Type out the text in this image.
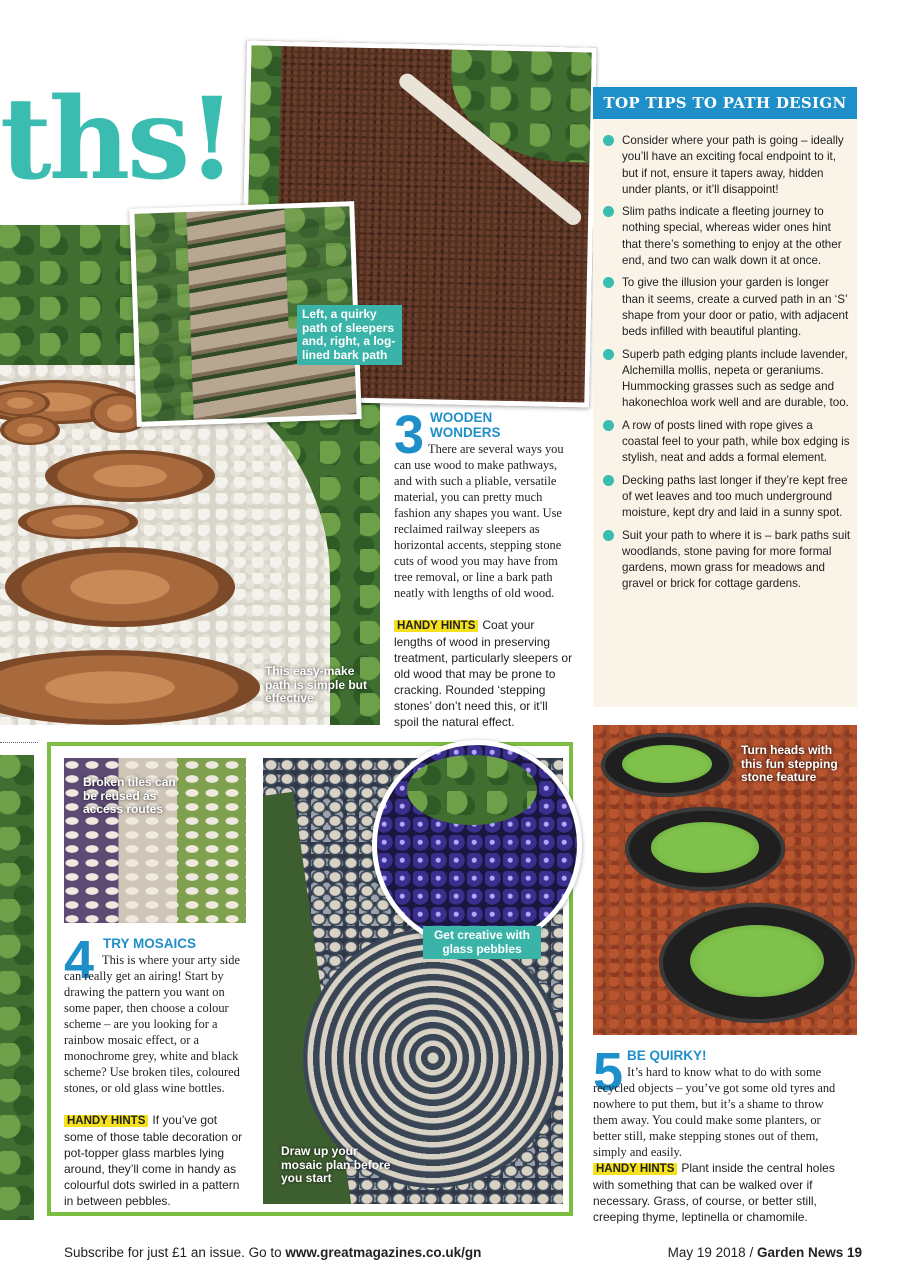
This easy-make path is simple but effective
ths!
Left, a quirky path of sleepers and, right, a log-lined bark path
3 WOODEN
WONDERS
There are several ways you can use wood to make pathways, and with such a pliable, versatile material, you can pretty much fashion any shapes you want. Use reclaimed railway sleepers as horizontal accents, stepping stone cuts of wood you may have from tree removal, or line a bark path neatly with lengths of old wood.
HANDY HINTS Coat your lengths of wood in preserving treatment, particularly sleepers or old wood that may be prone to cracking. Rounded ‘stepping stones’ don’t need this, or it’ll spoil the natural effect.
TOP TIPS TO PATH DESIGN
Consider where your path is going – ideally you’ll have an exciting focal endpoint to it, but if not, ensure it tapers away, hidden under plants, or it’ll disappoint!
Slim paths indicate a fleeting journey to nothing special, whereas wider ones hint that there’s something to enjoy at the other end, and two can walk down it at once.
To give the illusion your garden is longer than it seems, create a curved path in an ‘S’ shape from your door or patio, with adjacent beds infilled with beautiful planting.
Superb path edging plants include lavender, Alchemilla mollis, nepeta or geraniums. Hummocking grasses such as sedge and hakonechloa work well and are durable, too.
A row of posts lined with rope gives a coastal feel to your path, while box edging is stylish, neat and adds a formal element.
Decking paths last longer if they’re kept free of wet leaves and too much underground moisture, kept dry and laid in a sunny spot.
Suit your path to where it is – bark paths suit woodlands, stone paving for more formal gardens, mown grass for meadows and gravel or brick for cottage gardens.
Broken tiles can be reused as access routes
Draw up your mosaic plan before you start
Get creative with glass pebbles
4 TRY MOSAICS
This is where your arty side can really get an airing! Start by drawing the pattern you want on some paper, then choose a colour scheme – are you looking for a rainbow mosaic effect, or a monochrome grey, white and black scheme? Use broken tiles, coloured stones, or old glass wine bottles.
HANDY HINTS If you’ve got some of those table decoration or pot-topper glass marbles lying around, they’ll come in handy as colourful dots swirled in a pattern in between pebbles.
Turn heads with this fun stepping stone feature
5 BE QUIRKY!
It’s hard to know what to do with some recycled objects – you’ve got some old tyres and nowhere to put them, but it’s a shame to throw them away. You could make some planters, or better still, make stepping stones out of them, simply and easily.
HANDY HINTS Plant inside the central holes with something that can be walked over if necessary. Grass, of course, or better still, creeping thyme, leptinella or chamomile.
Subscribe for just £1 an issue. Go to www.greatmagazines.co.uk/gn	May 19 2018 / Garden News 19
